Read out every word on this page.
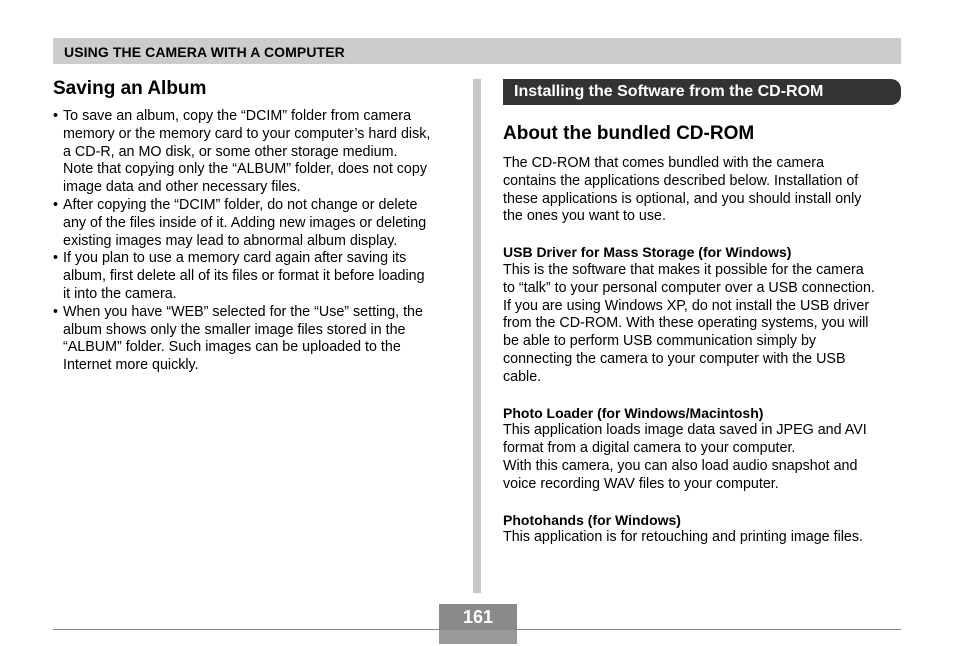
USING THE CAMERA WITH A COMPUTER
Saving an Album
• To save an album, copy the “DCIM” folder from camera
memory or the memory card to your computer’s hard disk,
a CD-R, an MO disk, or some other storage medium.
Note that copying only the “ALBUM” folder, does not copy
image data and other necessary files.
• After copying the “DCIM” folder, do not change or delete
any of the files inside of it. Adding new images or deleting
existing images may lead to abnormal album display.
• If you plan to use a memory card again after saving its
album, first delete all of its files or format it before loading
it into the camera.
• When you have “WEB” selected for the “Use” setting, the
album shows only the smaller image files stored in the
“ALBUM” folder. Such images can be uploaded to the
Internet more quickly.
Installing the Software from the CD-ROM
About the bundled CD-ROM
The CD-ROM that comes bundled with the camera
contains the applications described below. Installation of
these applications is optional, and you should install only
the ones you want to use.
USB Driver for Mass Storage (for Windows)
This is the software that makes it possible for the camera
to “talk” to your personal computer over a USB connection.
If you are using Windows XP, do not install the USB driver
from the CD-ROM. With these operating systems, you will
be able to perform USB communication simply by
connecting the camera to your computer with the USB
cable.
Photo Loader (for Windows/Macintosh)
This application loads image data saved in JPEG and AVI
format from a digital camera to your computer.
With this camera, you can also load audio snapshot and
voice recording WAV files to your computer.
Photohands (for Windows)
This application is for retouching and printing image files.
161
